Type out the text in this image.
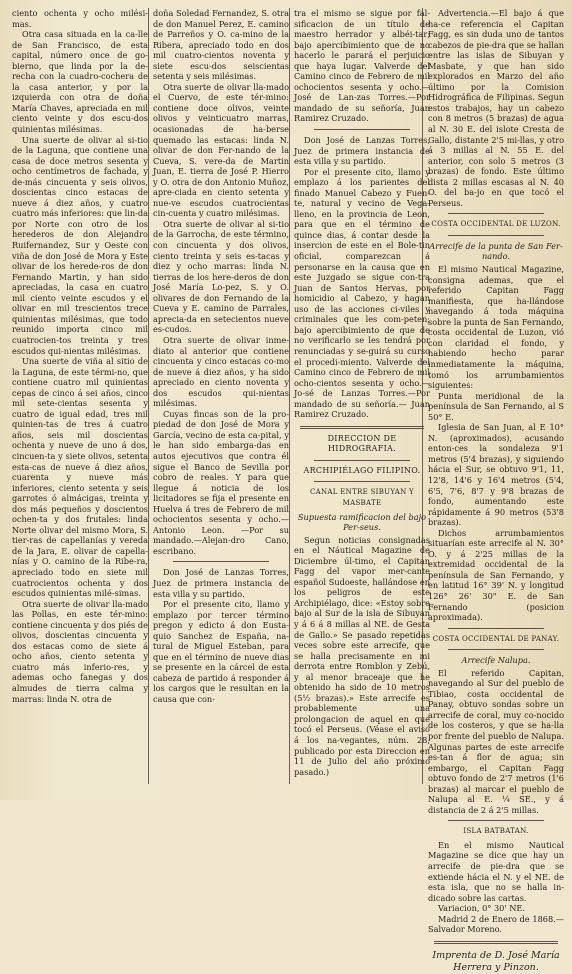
ciento ochenta y ocho milési-mas.

Otra casa situada en la ca-lle de San Francisco, de esta capital, número once de go-bierno, que linda por la de-recha con la cuadro-cochera de la casa anterior, y por la izquierda con otra de doña María Chaves, apreciada en mil ciento veinte y dos escu-dos quinientas milésimas.

Una suerte de olivar al si-tio de la Laguna, que contiene una casa de doce metros sesenta y ocho centímetros de fachada, y de-más cincuenta y seis olivos, doscientas cinco estacas de nueve á diez años, y cuatro cuatro más inferiores: que lin-da por Norte con otro de los herederos de don Alejandro Ruifernandez, Sur y Oeste con viña de don José de Mora y Este olivar de los herede-ros de don Fernando Martin, y han sido apreciadas, la casa en cuatro mil ciento veinte escudos y el olivar en mil trescientos trece quinientas milésimas, que todo reunido importa cinco mil cuatrocien-tos treinta y tres escudos qui-nientas milésimas.

Una suerte de viña al sitio de la Laguna, de este térmi-no, que contiene cuatro mil quinientas cepas de cinco á sei años, cinco mil sete-cientas sesenta y cuatro de igual edad, tres mil quinien-tas de tres á cuatro años, seis mil doscientas ochenta y nueve de uno á dos, cincuen-ta y siete olivos, setenta esta-cas de nueve á diez años, cuarenta y nueve más inferiores, ciento setenta y seis garrotes ó almácigas, treinta y dos más pequeños y doscientos ochen-ta y dos frutales: linda Norte olivar del mismo Mora, S. tier-ras de capellanías y vereda de la Jara, E. olivar de capella-nías y O. camino de la Ribe-ra, apreciado todo en siete mil cuatrocientos ochenta y dos escudos quinientas milé-simas.

Otra suerte de olivar lla-mado las Pollas, en este tér-mino: contiene cincuenta y dos piés de olivos, doscientas cincuenta y dos estacas como de siete á ocho años, ciento setenta y cuatro más inferio-res, y ademas ocho fanegas y dos almudes de tierra calma y marras: linda N. otra de

doña Soledad Fernandez, S. otra de don Manuel Perez, E. camino de Parreños y O. ca-mino de la Ribera, apreciado todo en dos mil cuatro-cientos noventa y siete escu-dos seiscientas setenta y seis milésimas.

Otra suerte de olivar lla-mado el Cuervo, de este tér-mino: contiene doce olivos, veinte olivos y veinticuatro marras, ocasionadas de ha-berse quemado las estacas: linda N. olivar de don Fer-nando de la Cueva, S. vere-da de Martin Juan, E. tierra de José P. Hierro y O. otra de don Antonio Muñoz, apre-ciada en ciento setenta y nue-ve escudos cuatrocientas cin-cuenta y cuatro milésimas.

Otra suerte de olivar al si-tio de la Garrocha, de este término, con cincuenta y dos olivos, ciento treinta y seis es-tacas y diez y ocho marras: linda N. tierras de los here-deros de don José María Lo-pez, S. y O. olivares de don Fernando de la Cueva y E. camino de Parrales, aprecia-da en setecientos nueve es-cudos.

Otra suerte de olivar inme-diato al anterior que contiene cincuenta y cinco estacas co-mo de nueve á diez años, y ha sido apreciado en ciento noventa y dos escudos qui-nientas milésimas.

Cuyas fincas son de la pro-piedad de don José de Mora y García, vecino de esta ca-pital, y le han sido embarga-das en autos ejecutivos que contra él sigue el Banco de Sevilla por cobro de reales. Y para que llegue á noticia de los licitadores se fija el presente en Huelva á tres de Febrero de mil ochocientos sesenta y ocho.—Antonio Leon. —Por su mandado.—Alejan-dro Cano, escribano.

Don José de Lanzas Torres, Juez de primera instancia de esta villa y su partido.

Por el presente cito, llamo y emplazo por tercer término pregon y edicto á don Eusta-quio Sanchez de España, na-tural de Miguel Esteban, para que en el término de nueve dias se presente en la cárcel de esta cabeza de partido á responder á los cargos que le resultan en la causa que con-

tra el mismo se sigue por fal-sificacion de un título de maestro herrador y albéi-tar; bajo apercibimiento que de no hacerlo le parará el perjuicio que haya lugar. Valverde del Camino cinco de Febrero de mil ochocientos sesenta y ocho.—José de Lan-zas Torres.—Por mandado de su señoría, Juan Ramirez Cruzado.

Don José de Lanzas Torres, Juez de primera instancia de esta villa y su partido.

Por el presente cito, llamo y emplazo á los parientes del finado Manuel Cabezo y Fuen-te, natural y vecino de Vega-lleno, en la provincia de Leon, para que en el término de quince dias, á contar desde la insercion de este en el Bole-tin oficial, comparezcan á personarse en la causa que en este Juzgado se sigue con-tra Juan de Santos Hervas, por homicidio al Cabezo, y hagan uso de las acciones ci-viles y criminales que les com-peten; bajo apercibimiento de que de no verificarlo se les tendrá por renunciadas y se-guirá su curso el procedi-miento. Valverde del Camino cinco de Febrero de mil ocho-cientos sesenta y ocho.—Jo-sé de Lanzas Torres.—Por mandado de su señoría.— Juan Ramirez Cruzado.

DIRECCION DE HIDROGRAFIA.
ARCHIPIÉLAGO FILIPINO.
CANAL ENTRE SIBUYAN Y MASBATE
Supuesta ramificacion del bajo Per-seus.

Segun noticias consignadas en el Náutical Magazine de Diciembre úl-timo, el Capitan Fagg del vapor mer-cante español Sudoeste, hallándose en los peligros de este Archipiélago, dice: «Estoy sobre bajo al Sur de la isla de Sibuyan y á 6 á 8 millas al NE. de Gesta de Gallo.» Se pasado repetidas veces sobre este arrecife, que se halla precisamente en mi derrota entre Romblon y Zebú, y al menor braceaje que he obtenido ha sido de 10 metros (5½ brazas).» Este arrecife es probablemente una prolongacion de aquel en que tocó el Perseus. (Véase el aviso á los na-vegantes, núm. 28, publicado por esta Direccion en 11 de Julio del año próximo pasado.)

Advertencia.—El bajo á que ha-ce referencia el Capitan Fagg, es sin duda uno de tantos cabezos de pie-dra que se hallan entre las islas de Sibuyan y Masbate, y que han sido explorados en Marzo del año último por la Comision Hidrográfica de Filipinas. Segun estos trabajos, hay un cabezo con 8 metros (5 brazas) de agua al N. 30 E. del islote Cresta de Gallo, distante 2'5 mi-llas, y otro á 3 millas al N. 55 E. del anterior, con solo 5 metros (3 brazas) de fondo. Este último dista 2 millas escasas al N. 40 O. del ba-jo en que tocó el Perseus.

COSTA OCCIDENTAL DE LUZON.
Arrecife de la punta de San Fer-nando.

El mismo Nautical Magazine, consigna ademas, que el referido Capitan Fagg manifiesta, que ha-llándose navegando á toda máquina sobre la punta de San Fernando, costa occidental de Luzon, vió con claridad el fondo, y habiendo hecho parar inmediatamente la máquina, tomó los arrumbamientos siguientes:

Punta meridional de la península de San Fernando, al S 50° E.

Iglesia de San Juan, al E 10° N. (aproximados), acusando enton-ces la sondaleza 9'1 metros (5'4 brazas), y siguiendo hácia el Sur, se obtuvo 9'1, 11, 12'8, 14'6 y 16'4 metros (5'4, 6'5, 7'6, 8'7 y 9'8 brazas de fondo, aumentando este rápidamente á 90 metros (53'8 brazas).

Dichos arrumbamientos situarían este arrecife al N. 30° O. y á 2'25 millas de la extremidad occidental de la península de San Fernando, y en latitud 16° 39' N. y longitud 126° 26' 30" E. de San Fernando (posicion aproximada).

COSTA OCCIDENTAL DE PANAY.
Arrecife Nalupa.

El referido Capitan, navegando al Sur del pueblo de Tibiao, costa occidental de Panay, obtuvo sondas sobre un arrecife de coral, muy co-nocido de los costeros, y que se ha-lla por frente del pueblo de Nalupa. Algunas partes de este arrecife es-tan á flor de agua; sin embargo, el Capitan Fagg obtuvo fondo de 2'7 metros (1'6 brazas) al marcar el pueblo de Nalupa al E. ¼ SE., y á distancia de 2 á 2'5 millas.

ISLA BATBATAN.

En el mismo Nautical Magazine se dice que hay un arrecife de pie-dra que se extiende hácia el N. y el NE. de esta isla, que no se halla in-dicado sobre las cartas.

Variacion, 0° 30' NE.

Madrid 2 de Enero de 1868.—Salvador Moreno.

Imprenta de D. José María Herrera y Pinzon.
